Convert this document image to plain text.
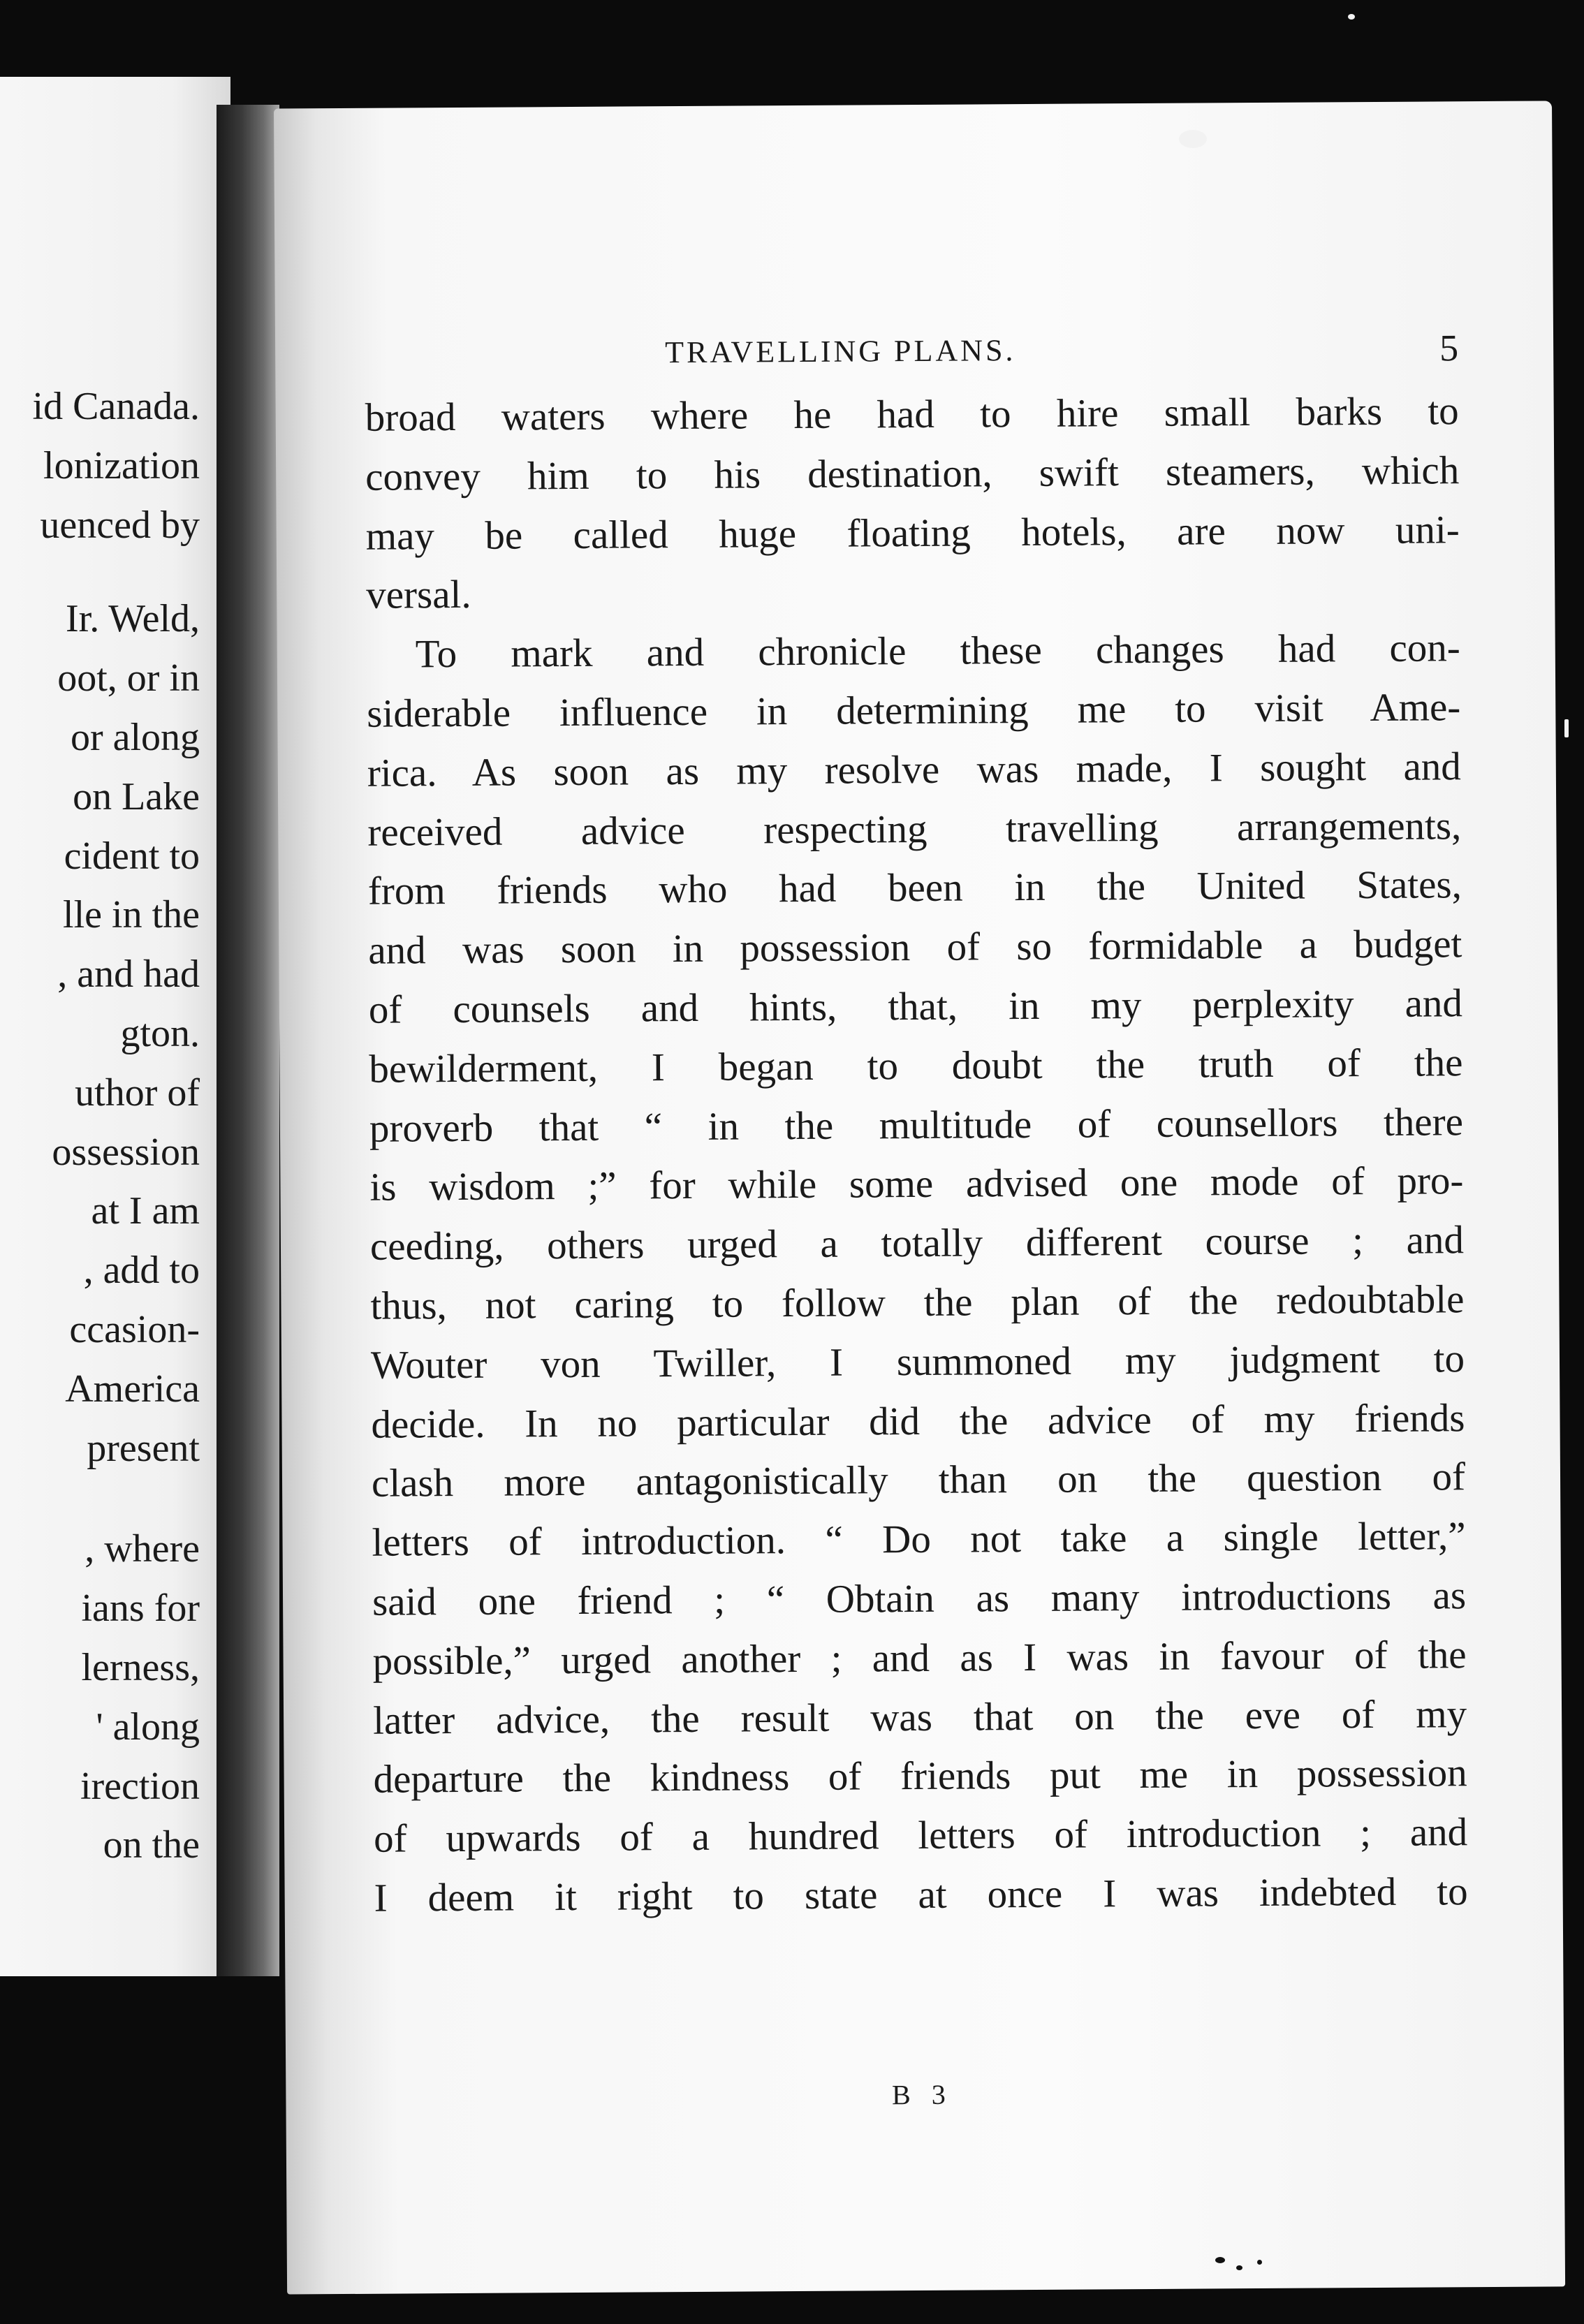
id Canada.
lonization
uenced by
Ir. Weld,
oot, or in
or along
on Lake
cident to
lle in the
, and had
gton.
uthor of
ossession
at I am
, add to
ccasion-
America
present
, where
ians for
lerness,
' along
irection
on the
TRAVELLING PLANS.	5
broad waters where he had to hire small barks to
convey him to his destination, swift steamers, which
may be called huge floating hotels, are now uni-
versal.
To mark and chronicle these changes had con-
siderable influence in determining me to visit Ame-
rica. As soon as my resolve was made, I sought and
received advice respecting travelling arrangements,
from friends who had been in the United States,
and was soon in possession of so formidable a budget
of counsels and hints, that, in my perplexity and
bewilderment, I began to doubt the truth of the
proverb that “ in the multitude of counsellors there
is wisdom ;” for while some advised one mode of pro-
ceeding, others urged a totally different course ; and
thus, not caring to follow the plan of the redoubtable
Wouter von Twiller, I summoned my judgment to
decide. In no particular did the advice of my friends
clash more antagonistically than on the question of
letters of introduction. “ Do not take a single letter,”
said one friend ; “ Obtain as many introductions as
possible,” urged another ; and as I was in favour of the
latter advice, the result was that on the eve of my
departure the kindness of friends put me in possession
of upwards of a hundred letters of introduction ; and
I deem it right to state at once I was indebted to
B 3
